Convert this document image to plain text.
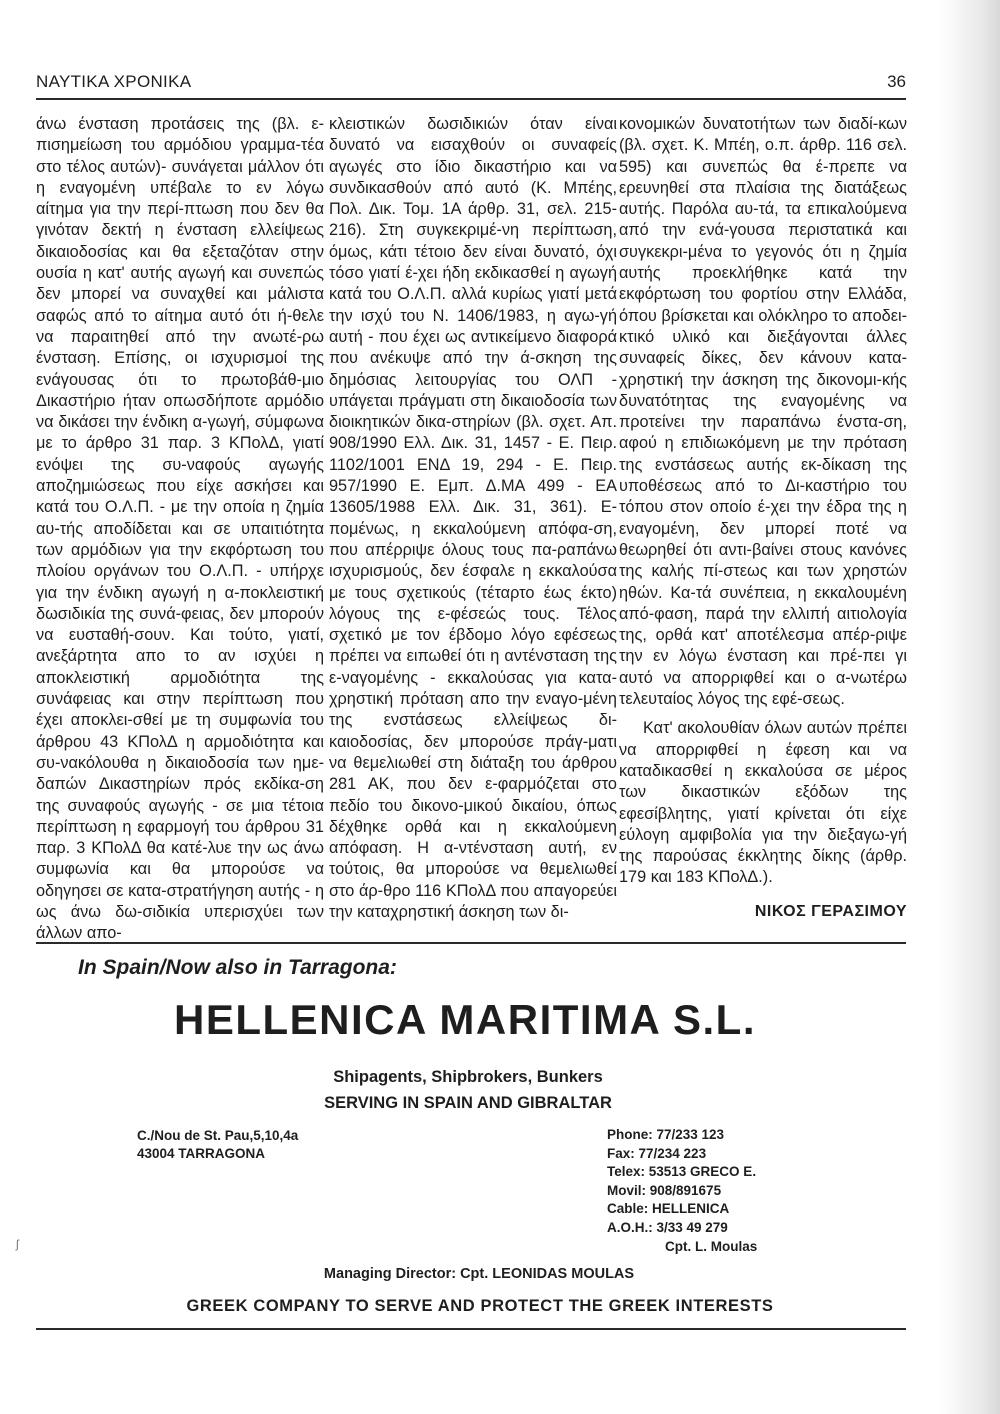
ΝΑΥΤΙΚΑ ΧΡΟΝΙΚΑ	36

άνω ένσταση προτάσεις της (βλ. ε-πισημείωση του αρμόδιου γραμμα-τέα στο τέλος αυτών)- συνάγεται μάλλον ότι η εναγομένη υπέβαλε το εν λόγω αίτημα για την περί-πτωση που δεν θα γινόταν δεκτή η ένσταση ελλείψεως δικαιοδοσίας και θα εξεταζόταν στην ουσία η κατ' αυτής αγωγή και συνεπώς δεν μπορεί να συναχθεί και μάλιστα σαφώς από το αίτημα αυτό ότι ή-θελε να παραιτηθεί από την ανωτέ-ρω ένσταση. Επίσης, οι ισχυρισμοί της ενάγουσας ότι το πρωτοβάθ-μιο Δικαστήριο ήταν οπωσδήποτε αρμόδιο να δικάσει την ένδικη α-γωγή, σύμφωνα με το άρθρο 31 παρ. 3 ΚΠολΔ, γιατί ενόψει της συ-ναφούς αγωγής αποζημιώσεως που είχε ασκήσει και κατά του Ο.Λ.Π. - με την οποία η ζημία αυ-τής αποδίδεται και σε υπαιτιότητα των αρμόδιων για την εκφόρτωση του πλοίου οργάνων του Ο.Λ.Π. - υπήρχε για την ένδικη αγωγή η α-ποκλειστική δωσιδικία της συνά-φειας, δεν μπορούν να ευσταθή-σουν. Και τούτο, γιατί, ανεξάρτητα απο το αν ισχύει η αποκλειστική αρμοδιότητα της συνάφειας και στην περίπτωση που έχει αποκλει-σθεί με τη συμφωνία του άρθρου 43 ΚΠολΔ η αρμοδιότητα και συ-νακόλουθα η δικαιοδοσία των ημε-δαπών Δικαστηρίων πρός εκδίκα-ση της συναφούς αγωγής - σε μια τέτοια περίπτωση η εφαρμογή του άρθρου 31 παρ. 3 ΚΠολΔ θα κατέ-λυε την ως άνω συμφωνία και θα μπορούσε να οδηγησει σε κατα-στρατήγηση αυτής - η ως άνω δω-σιδικία υπερισχύει των άλλων απο-

κλειστικών δωσιδικιών όταν είναι δυνατό να εισαχθούν οι συναφείς αγωγές στο ίδιο δικαστήριο και να συνδικασθούν από αυτό (Κ. Μπέης, Πολ. Δικ. Τομ. 1Α άρθρ. 31, σελ. 215-216). Στη συγκεκριμέ-νη περίπτωση, όμως, κάτι τέτοιο δεν είναι δυνατό, όχι τόσο γιατί έ-χει ήδη εκδικασθεί η αγωγή κατά του Ο.Λ.Π. αλλά κυρίως γιατί μετά την ισχύ του Ν. 1406/1983, η αγω-γή αυτή - που έχει ως αντικείμενο διαφορά που ανέκυψε από την ά-σκηση της δημόσιας λειτουργίας του ΟΛΠ - υπάγεται πράγματι στη δικαιοδοσία των διοικητικών δικα-στηρίων (βλ. σχετ. Απ. 908/1990 Ελλ. Δικ. 31, 1457 - Ε. Πειρ. 1102/1001 ΕΝΔ 19, 294 - Ε. Πειρ. 957/1990 Ε. Εμπ. Δ.ΜΑ 499 - ΕΑ 13605/1988 Ελλ. Δικ. 31, 361). Ε-πομένως, η εκκαλούμενη απόφα-ση, που απέρριψε όλους τους πα-ραπάνω ισχυρισμούς, δεν έσφαλε η εκκαλούσα με τους σχετικούς (τέταρτο έως έκτο) λόγους της ε-φέσεώς τους. Τέλος σχετικό με τον έβδομο λόγο εφέσεως πρέπει να ειπωθεί ότι η αντένσταση της ε-ναγομένης - εκκαλούσας για κατα-χρηστική πρόταση απο την εναγο-μένη της ενστάσεως ελλείψεως δι-καιοδοσίας, δεν μπορούσε πράγ-ματι να θεμελιωθεί στη διάταξη του άρθρου 281 ΑΚ, που δεν ε-φαρμόζεται στο πεδίο του δικονο-μικού δικαίου, όπως δέχθηκε ορθά και η εκκαλούμενη απόφαση. Η α-ντένσταση αυτή, εν τούτοις, θα μπορούσε να θεμελιωθεί στο άρ-θρο 116 ΚΠολΔ που απαγορεύει την καταχρηστική άσκηση των δι-

κονομικών δυνατοτήτων των διαδί-κων (βλ. σχετ. Κ. Μπέη, ο.π. άρθρ. 116 σελ. 595) και συνεπώς θα έ-πρεπε να ερευνηθεί στα πλαίσια της διατάξεως αυτής. Παρόλα αυ-τά, τα επικαλούμενα από την ενά-γουσα περιστατικά και συγκεκρι-μένα το γεγονός ότι η ζημία αυτής προεκλήθηκε κατά την εκφόρτωση του φορτίου στην Ελλάδα, όπου βρίσκεται και ολόκληρο το αποδει-κτικό υλικό και διεξάγονται άλλες συναφείς δίκες, δεν κάνουν κατα-χρηστική την άσκηση της δικονομι-κής δυνατότητας της εναγομένης να προτείνει την παραπάνω ένστα-ση, αφού η επιδιωκόμενη με την πρόταση της ενστάσεως αυτής εκ-δίκαση της υποθέσεως από το Δι-καστήριο του τόπου στον οποίο έ-χει την έδρα της η εναγομένη, δεν μπορεί ποτέ να θεωρηθεί ότι αντι-βαίνει στους κανόνες της καλής πί-στεως και των χρηστών ηθών. Κα-τά συνέπεια, η εκκαλουμένη από-φαση, παρά την ελλιπή αιτιολογία της, ορθά κατ' αποτέλεσμα απέρ-ριψε την εν λόγω ένσταση και πρέ-πει γι αυτό να απορριφθεί και ο α-νωτέρω τελευταίος λόγος της εφέ-σεως.

Κατ' ακολουθίαν όλων αυτών πρέπει να απορριφθεί η έφεση και να καταδικασθεί η εκκαλούσα σε μέρος των δικαστικών εξόδων της εφεσίβλητης, γιατί κρίνεται ότι είχε εύλογη αμφιβολία για την διεξαγω-γή της παρούσας έκκλητης δίκης (άρθρ. 179 και 183 ΚΠολΔ.).

ΝΙΚΟΣ ΓΕΡΑΣΙΜΟΥ
In Spain/Now also in Tarragona:
HELLENICA MARITIMA S.L.
Shipagents, Shipbrokers, Bunkers
SERVING IN SPAIN AND GIBRALTAR
C./Nou de St. Pau,5,10,4a
43004 TARRAGONA
Phone: 77/233 123
Fax: 77/234 223
Telex: 53513 GRECO E.
Movil: 908/891675
Cable: HELLENICA
A.O.H.: 3/33 49 279
Cpt. L. Moulas
Managing Director: Cpt. LEONIDAS MOULAS
GREEK COMPANY TO SERVE AND PROTECT THE GREEK INTERESTS
ʃ
